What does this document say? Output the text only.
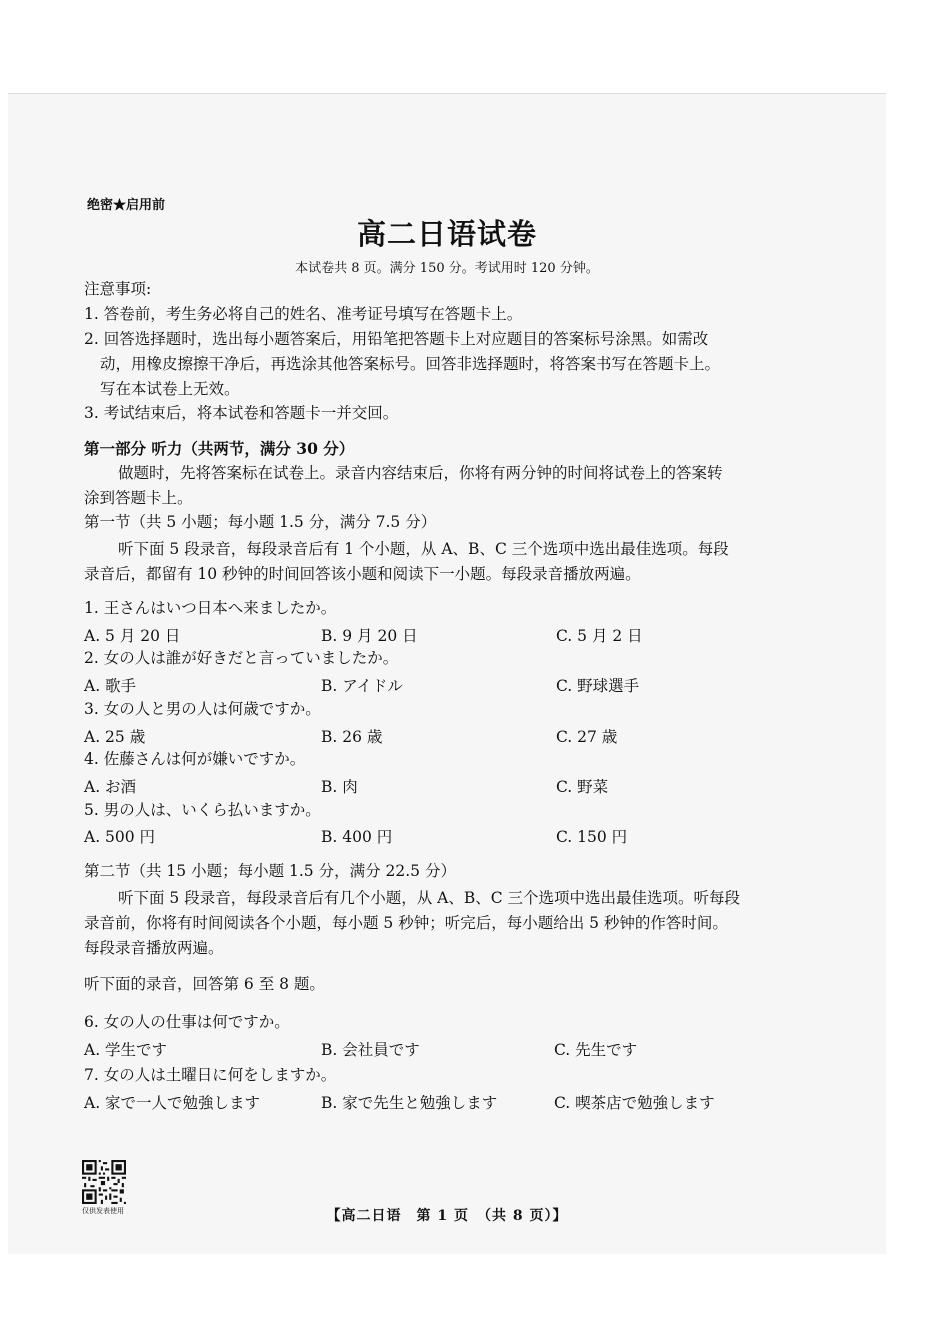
绝密★启用前
高二日语试卷
本试卷共 8 页。满分 150 分。考试用时 120 分钟。
注意事项:
1. 答卷前，考生务必将自己的姓名、准考证号填写在答题卡上。
2. 回答选择题时，选出每小题答案后，用铅笔把答题卡上对应题目的答案标号涂黑。如需改
动，用橡皮擦擦干净后，再选涂其他答案标号。回答非选择题时，将答案书写在答题卡上。
写在本试卷上无效。
3. 考试结束后，将本试卷和答题卡一并交回。
第一部分 听力（共两节，满分 30 分）
做题时，先将答案标在试卷上。录音内容结束后，你将有两分钟的时间将试卷上的答案转
涂到答题卡上。
第一节（共 5 小题；每小题 1.5 分，满分 7.5 分）
听下面 5 段录音，每段录音后有 1 个小题，从 A、B、C 三个选项中选出最佳选项。每段
录音后，都留有 10 秒钟的时间回答该小题和阅读下一小题。每段录音播放两遍。
1. 王さんはいつ日本へ来ましたか。
A. 5 月 20 日	B. 9 月 20 日	C. 5 月 2 日
2. 女の人は誰が好きだと言っていましたか。
A. 歌手	B. アイドル	C. 野球選手
3. 女の人と男の人は何歳ですか。
A. 25 歳	B. 26 歳	C. 27 歳
4. 佐藤さんは何が嫌いですか。
A. お酒	B. 肉	C. 野菜
5. 男の人は、いくら払いますか。
A. 500 円	B. 400 円	C. 150 円
第二节（共 15 小题；每小题 1.5 分，满分 22.5 分）
听下面 5 段录音，每段录音后有几个小题，从 A、B、C 三个选项中选出最佳选项。听每段
录音前，你将有时间阅读各个小题，每小题 5 秒钟；听完后，每小题给出 5 秒钟的作答时间。
每段录音播放两遍。
听下面的录音，回答第 6 至 8 题。
6. 女の人の仕事は何ですか。
A. 学生です	B. 会社員です	C. 先生です
7. 女の人は土曜日に何をしますか。
A. 家で一人で勉強します	B. 家で先生と勉強します	C. 喫茶店で勉強します
仅供发表使用	【高二日语　第 1 页　（共 8 页）】
